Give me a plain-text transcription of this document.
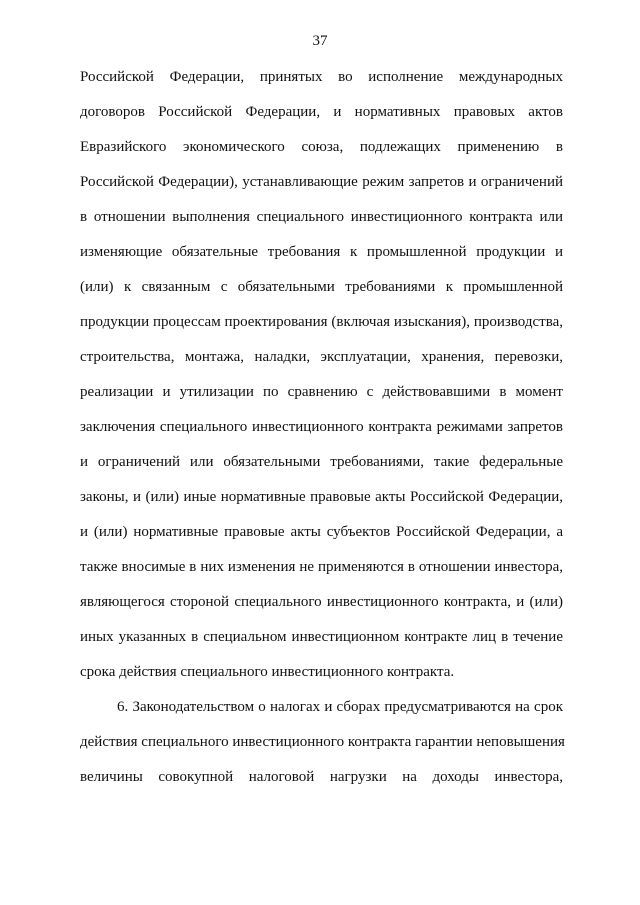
37
Российской Федерации, принятых во исполнение международных
договоров Российской Федерации, и нормативных правовых актов
Евразийского экономического союза, подлежащих применению в
Российской Федерации), устанавливающие режим запретов и ограничений
в отношении выполнения специального инвестиционного контракта или
изменяющие обязательные требования к промышленной продукции и
(или) к связанным с обязательными требованиями к промышленной
продукции процессам проектирования (включая изыскания), производства,
строительства, монтажа, наладки, эксплуатации, хранения, перевозки,
реализации и утилизации по сравнению с действовавшими в момент
заключения специального инвестиционного контракта режимами запретов
и ограничений или обязательными требованиями, такие федеральные
законы, и (или) иные нормативные правовые акты Российской Федерации,
и (или) нормативные правовые акты субъектов Российской Федерации, а
также вносимые в них изменения не применяются в отношении инвестора,
являющегося стороной специального инвестиционного контракта, и (или)
иных указанных в специальном инвестиционном контракте лиц в течение
срока действия специального инвестиционного контракта.
6. Законодательством о налогах и сборах предусматриваются на срок
действия специального инвестиционного контракта гарантии неповышения
величины совокупной налоговой нагрузки на доходы инвестора,
